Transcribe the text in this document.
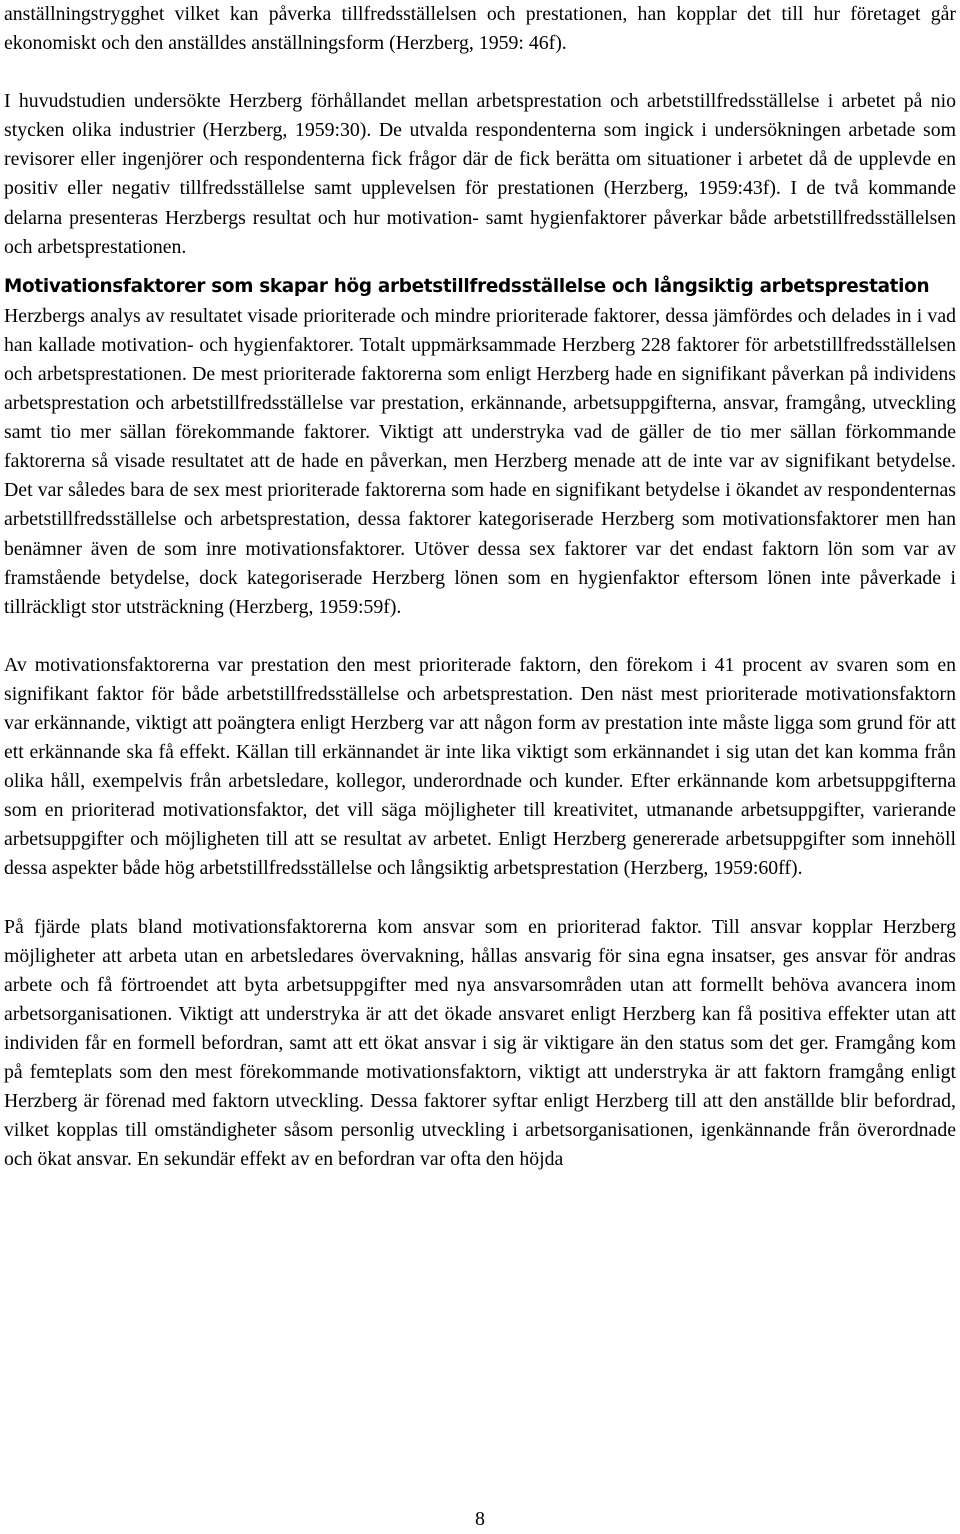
anställningstrygghet vilket kan påverka tillfredsställelsen och prestationen, han kopplar det till hur företaget går ekonomiskt och den anställdes anställningsform (Herzberg, 1959: 46f).

I huvudstudien undersökte Herzberg förhållandet mellan arbetsprestation och arbetstillfredsställelse i arbetet på nio stycken olika industrier (Herzberg, 1959:30). De utvalda respondenterna som ingick i undersökningen arbetade som revisorer eller ingenjörer och respondenterna fick frågor där de fick berätta om situationer i arbetet då de upplevde en positiv eller negativ tillfredsställelse samt upplevelsen för prestationen (Herzberg, 1959:43f). I de två kommande delarna presenteras Herzbergs resultat och hur motivation- samt hygienfaktorer påverkar både arbetstillfredsställelsen och arbetsprestationen.

Motivationsfaktorer som skapar hög arbetstillfredsställelse och långsiktig arbetsprestation

Herzbergs analys av resultatet visade prioriterade och mindre prioriterade faktorer, dessa jämfördes och delades in i vad han kallade motivation- och hygienfaktorer. Totalt uppmärksammade Herzberg 228 faktorer för arbetstillfredsställelsen och arbetsprestationen. De mest prioriterade faktorerna som enligt Herzberg hade en signifikant påverkan på individens arbetsprestation och arbetstillfredsställelse var prestation, erkännande, arbetsuppgifterna, ansvar, framgång, utveckling samt tio mer sällan förekommande faktorer. Viktigt att understryka vad de gäller de tio mer sällan förkommande faktorerna så visade resultatet att de hade en påverkan, men Herzberg menade att de inte var av signifikant betydelse. Det var således bara de sex mest prioriterade faktorerna som hade en signifikant betydelse i ökandet av respondenternas arbetstillfredsställelse och arbetsprestation, dessa faktorer kategoriserade Herzberg som motivationsfaktorer men han benämner även de som inre motivationsfaktorer. Utöver dessa sex faktorer var det endast faktorn lön som var av framstående betydelse, dock kategoriserade Herzberg lönen som en hygienfaktor eftersom lönen inte påverkade i tillräckligt stor utsträckning (Herzberg, 1959:59f).

Av motivationsfaktorerna var prestation den mest prioriterade faktorn, den förekom i 41 procent av svaren som en signifikant faktor för både arbetstillfredsställelse och arbetsprestation. Den näst mest prioriterade motivationsfaktorn var erkännande, viktigt att poängtera enligt Herzberg var att någon form av prestation inte måste ligga som grund för att ett erkännande ska få effekt. Källan till erkännandet är inte lika viktigt som erkännandet i sig utan det kan komma från olika håll, exempelvis från arbetsledare, kollegor, underordnade och kunder. Efter erkännande kom arbetsuppgifterna som en prioriterad motivationsfaktor, det vill säga möjligheter till kreativitet, utmanande arbetsuppgifter, varierande arbetsuppgifter och möjligheten till att se resultat av arbetet. Enligt Herzberg genererade arbetsuppgifter som innehöll dessa aspekter både hög arbetstillfredsställelse och långsiktig arbetsprestation (Herzberg, 1959:60ff).

På fjärde plats bland motivationsfaktorerna kom ansvar som en prioriterad faktor. Till ansvar kopplar Herzberg möjligheter att arbeta utan en arbetsledares övervakning, hållas ansvarig för sina egna insatser, ges ansvar för andras arbete och få förtroendet att byta arbetsuppgifter med nya ansvarsområden utan att formellt behöva avancera inom arbetsorganisationen. Viktigt att understryka är att det ökade ansvaret enligt Herzberg kan få positiva effekter utan att individen får en formell befordran, samt att ett ökat ansvar i sig är viktigare än den status som det ger. Framgång kom på femteplats som den mest förekommande motivationsfaktorn, viktigt att understryka är att faktorn framgång enligt Herzberg är förenad med faktorn utveckling. Dessa faktorer syftar enligt Herzberg till att den anställde blir befordrad, vilket kopplas till omständigheter såsom personlig utveckling i arbetsorganisationen, igenkännande från överordnade och ökat ansvar. En sekundär effekt av en befordran var ofta den höjda

8
